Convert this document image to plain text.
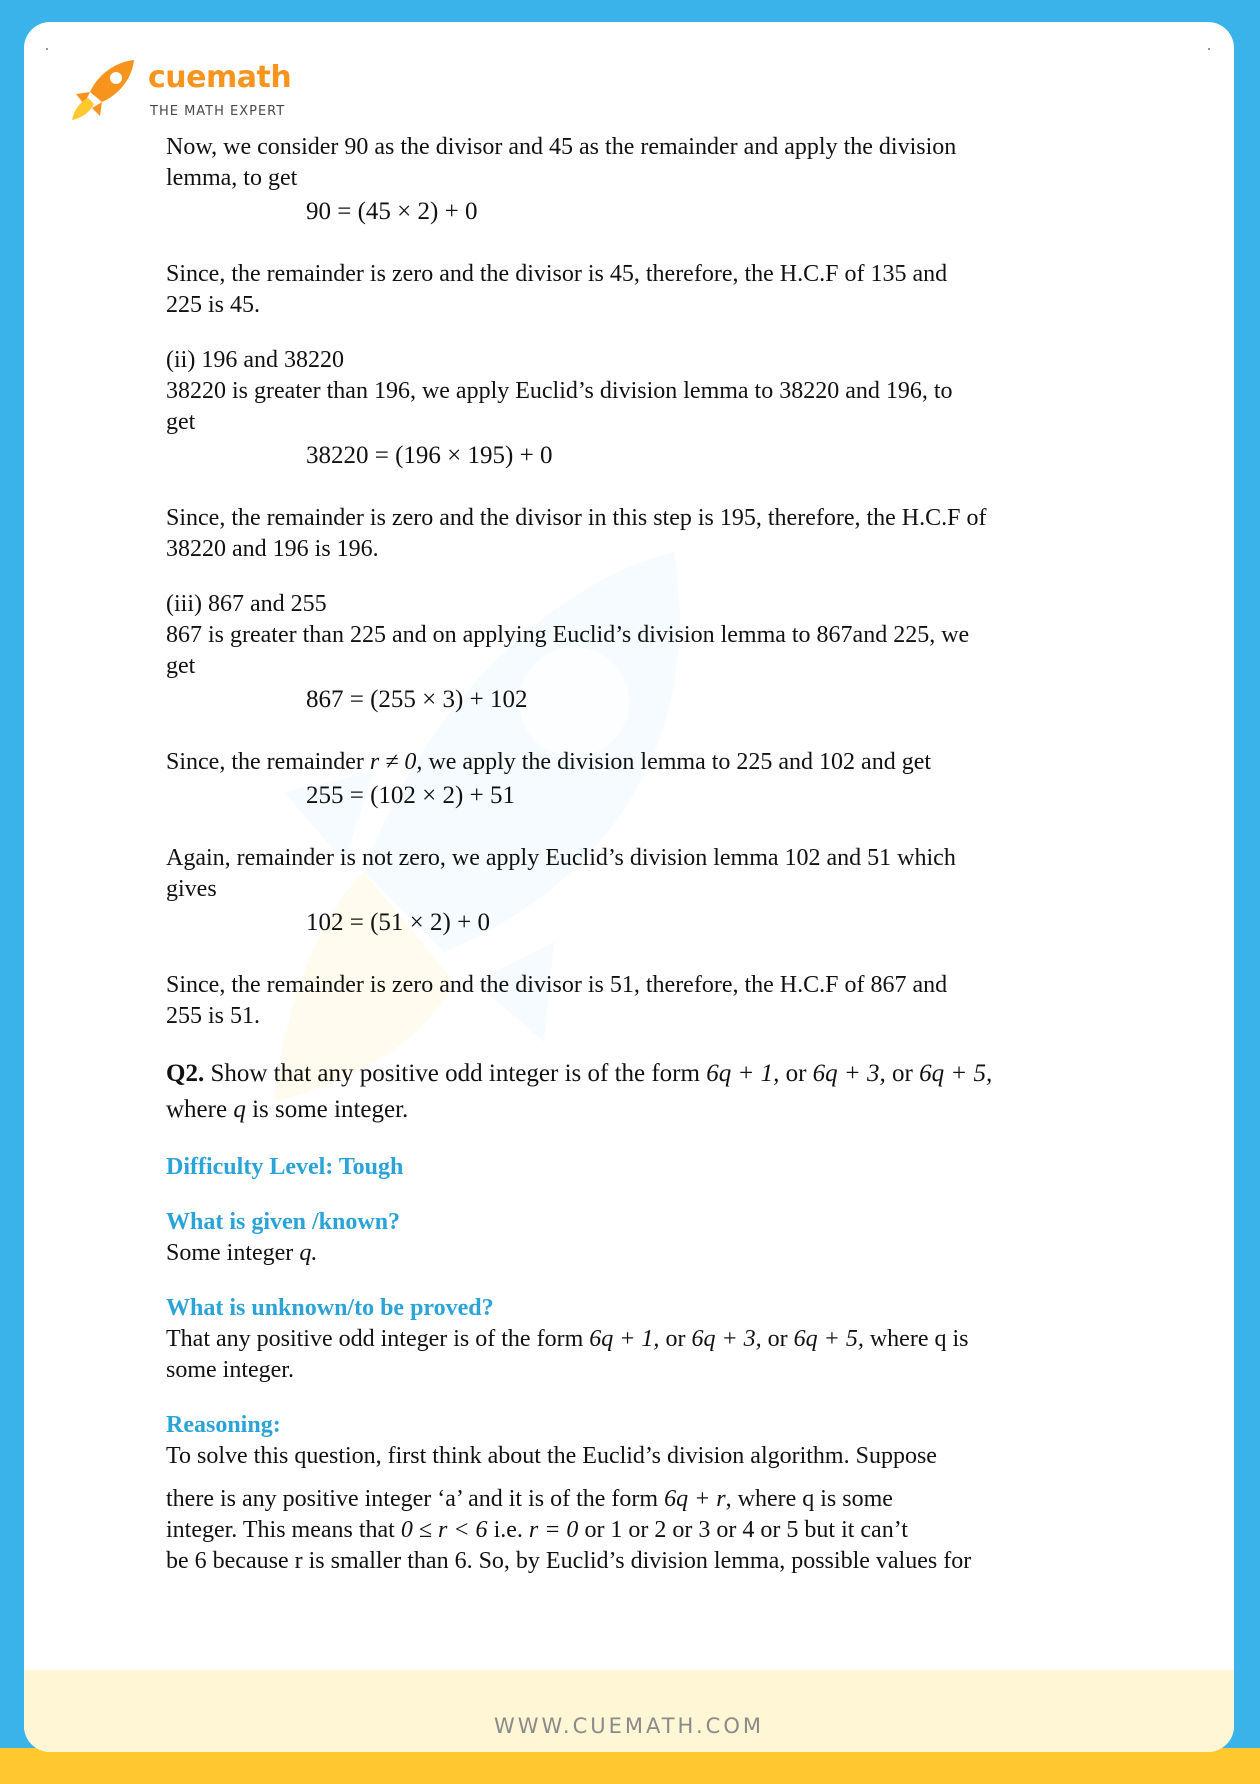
cuemath
THE MATH EXPERT

Now, we consider 90 as the divisor and 45 as the remainder and apply the division

lemma, to get

90 = (45 × 2) + 0

Since, the remainder is zero and the divisor is 45, therefore, the H.C.F of 135 and

225 is 45.

(ii) 196 and 38220

38220 is greater than 196, we apply Euclid’s division lemma to 38220 and 196, to

get

38220 = (196 × 195) + 0

Since, the remainder is zero and the divisor in this step is 195, therefore, the H.C.F of

38220 and 196 is 196.

(iii) 867 and 255

867 is greater than 225 and on applying Euclid’s division lemma to 867and 225, we

get

867 = (255 × 3) + 102

Since, the remainder r ≠ 0, we apply the division lemma to 225 and 102 and get

255 = (102 × 2) + 51

Again, remainder is not zero, we apply Euclid’s division lemma 102 and 51 which

gives

102 = (51 × 2) + 0

Since, the remainder is zero and the divisor is 51, therefore, the H.C.F of 867 and

255 is 51.

Q2. Show that any positive odd integer is of the form 6q + 1, or 6q + 3, or 6q + 5,

where q is some integer.

Difficulty Level: Tough

What is given /known?

Some integer q.

What is unknown/to be proved?

That any positive odd integer is of the form 6q + 1, or 6q + 3, or 6q + 5, where q is

some integer.

Reasoning:

To solve this question, first think about the Euclid’s division algorithm. Suppose

there is any positive integer ‘a’ and it is of the form 6q + r, where q is some

integer. This means that 0 ≤ r < 6 i.e. r = 0 or 1 or 2 or 3 or 4 or 5 but it can’t

be 6 because r is smaller than 6. So, by Euclid’s division lemma, possible values for

WWW.CUEMATH.COM
